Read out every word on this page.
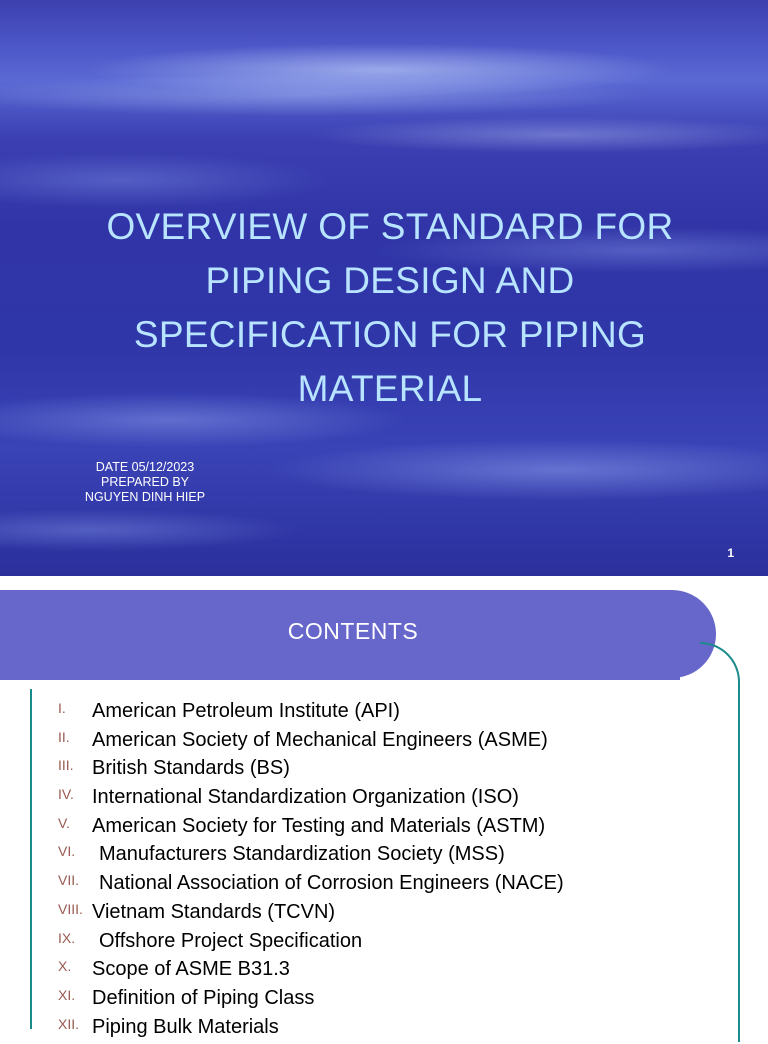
OVERVIEW OF STANDARD FOR PIPING DESIGN AND SPECIFICATION FOR PIPING MATERIAL
DATE 05/12/2023
PREPARED BY
NGUYEN DINH HIEP
1
CONTENTS
I. American Petroleum Institute (API)
II. American Society of Mechanical Engineers (ASME)
III. British Standards (BS)
IV. International Standardization Organization (ISO)
V. American Society for Testing and Materials (ASTM)
VI. Manufacturers Standardization Society (MSS)
VII. National Association of Corrosion Engineers (NACE)
VIII. Vietnam Standards (TCVN)
IX. Offshore Project Specification
X. Scope of ASME B31.3
XI. Definition of Piping Class
XII. Piping Bulk Materials
